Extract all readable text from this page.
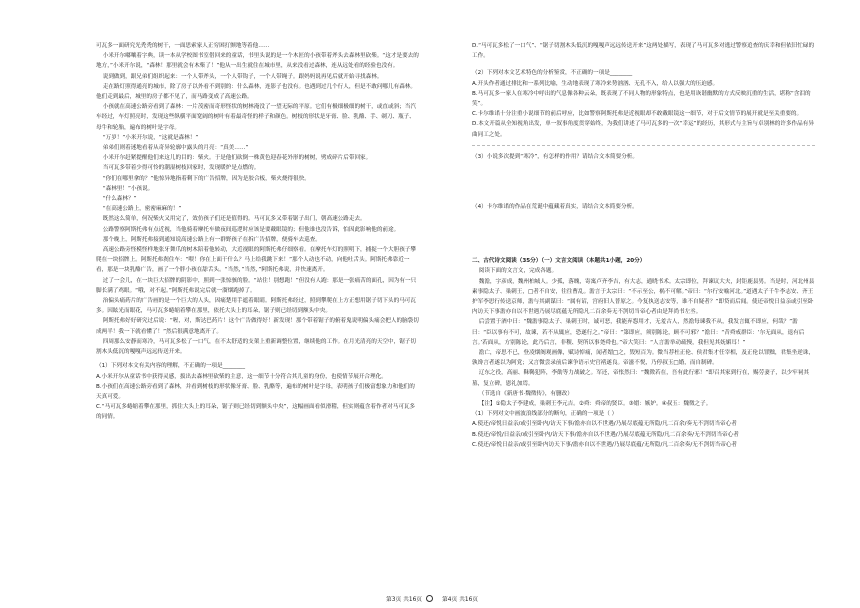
可瓦多一面研究光秃秃的树干，一面思索家人正穷困打颤地等着他……

小米开尔嘟嚷着字典，读一本从学校图书室借回来的童话，书里头说的是一个木匠的小孩带着斧头去森林里砍柴。“这才是要去的地方，”小米开尔说，“森林！那里就会有木柴了！”他从一出生就住在城市里，从来没看过森林，连从远处看的经验也没有。

说到做到，跟兄弟们组织起来：一个人带斧头，一个人带钩子，一个人带绳子。跟妈妈说再见后就开始寻找森林。

走在路灯照得通亮的城市，除了房子以外看不到别的：什么森林，连影子也没有。也遇到过几个行人，但是不敢问哪儿有森林。他们走到最后，城里的房子都不见了，而马路变成了高速公路。

小孩就在高速公路旁看到了森林：一片茂密而奇形怪状的树林淹没了一望无际的平原。它们有极细极细的树干，或直或斜；当汽车经过，车灯照亮时，发现这些纵横平面宽阔的树叶有着最奇怪的样子和颜色。树枝的形状是牙膏、脸、乳酪、手、剃刀、瓶子、母牛和轮胎，遍布的树叶是字母。

“万岁！”小米开尔说，“这就是森林！”

弟弟们则着迷地看着从奇异轮廓中露头的月亮：“真美……”

小米开尔赶紧提醒他们来这儿的目的：柴火。于是他们砍倒一株黄色迎春花外形的树树，劈成碎片后带回家。

当可瓦多带着少得可怜的潮湿树枝回家时，发现暖炉是点燃的。

“你们在哪里拿的？”他惊异地指着剩下的广告招牌，因为是胶合板，柴火烧得很快。

“森林里！”小孩说。

“什么森林？”

“在高速公路上，密密麻麻的！”

既然这么简单，何况柴火又用完了，效仿孩子们还是值得的。马可瓦多又带着锯子出门，朝高速公路走去。

公路警察阿斯托弗有点近视，当他骑着摩托车做夜间巡逻时应该是要戴眼镜的；但他谁也没告诉，怕因此影响他的前途。

那个晚上，阿斯托弗接到通知说高速公路上有一群野孩子在拆广告招牌，便骑车去巡查。

高速公路旁怪模怪样地张牙舞爪的树木陪着他转动，大近视眼的阿斯托弗仔细察看。在摩托车灯的照明下，捕捉一个大胆孩子攀爬在一块招牌上。阿斯托弗刹住车：“喂！你在上面干什么？马上给我跳下来！”那个人动也不动，向他吐舌头。阿斯托弗靠近一看，那是一块乳酪广告，画了一个胖小孩在舔舌头。“当然，”当然，”阿斯托弗说，并快速离开。

过了一会儿，在一块巨大招牌的阴影中，照到一张惊骇的脸。“站住！别想跑！”但没有人跑：那是一张痛苦的面孔，因为有一只脚长满了鸡眼。“哦，对不起。”阿斯托弗说完后就一溜烟跑掉了。

治偏头痛药片的广告画的是一个巨大的人头，因痛楚用手遮着眼睛。阿斯托弗经过，照到攀爬在上方正想用锯子切下头的马可瓦多。因眩光而眼花，马可瓦多蜷缩着攀在那里，依托大头上的耳朵，锯子则已经切到额头中央。

阿斯托弗好好研究过后说：“喔，对，斯达巴药片！这个广告做得好！新发现！那个带着锯子的俯着鬼说明偏头痛会把人的脑袋切成两半！我一下就看懂了！”然后很满意地离开了。

四周那么安静而寒冷，马可瓦多松了一口气，在不太舒适的支架上重新调整位置，继续他的工作。在月光清亮的天空中，锯子切割木头低沉的嘎嘎声远远传送开来。

（1）下列对本文有关内容的理解，不正确的一项是________

A.小米开尔从童话书中获得灵感，拔出去森林里砍柴的主意，这一细节十分符合其儿童的身份，也使情节展开合理化。

B.小孩们在高速公路旁看到了森林，并看到树枝的形状像牙膏、脸、乳酪等，遍布的树叶是字母，表明孩子们极富想象力和他们的天真可爱。

C.“马可瓦多蜷缩着攀在那里，抓住大头上的耳朵，锯子则已经切到额头中央”，这幅画面看似滑稽，但实则蕴含着作者对马可瓦多的同情。

D.“马可瓦多松了一口气”、“锯子切割木头低沉的嘎嘎声远远传送开来”这两处描写，表现了马可瓦多对逃过警察追查的庆幸和但依旧忙碌的工作。

（2）下列对本文艺术特色的分析鉴赏，不正确的一项是________

A.开头作者通过排比和一系列比喻，生动地表现了寒冷来势汹汹、无孔不入，给人以强大的压迫感。

B.马可瓦多一家人在寒冷中呼出的气息像各种云朵，既表现了不同人物的形象特点，也是用诙谐幽默的方式反映沉重的生活，堪称“含泪的笑”。

C.卡尔维诺十分注重小说细节的前后呼应，比如警察阿斯托弗是近视眼却不敢戴眼镜这一细节，对于后文情节的展开就是至关重要的。

D.本文开篇从全知视角出发，单一叙事角度贯穿始终，为我们讲述了马可瓦多的一次“幸运”的经历，其形式与主旨与卓别林的许多作品有异曲同工之处。

（3）小说多次提到“寒冷”，有怎样的作用？请结合文本简要分析。

（4）卡尔维诺的作品在荒诞中蕴藏着真实，请结合文本简要分析。

二、古代诗文阅读（35分）（一）文言文阅读（本题共1小题，20分）

阅读下面的文言文，完成各题。

魏澹，字彦成，魏州柏城人。少孤，落魄，寄寓卢齐李吉，有大志，通晓书术。太宗即位，拜谏议大夫，封钜鹿县男。当是时，河北州县素事隐太子、巢刺王，□者不自安，往往曹乱。澹言于太宗曰：“不示至公，祸不可解。”帝曰：“尔行安喻河北。”道遇太子千牛李志安、齐王护军李思行传送京师，澹与其副谋曰：“属有诏，宫府旧人普原之。今复执送志安等，谁不自疑者？”即贷而后闻。使还帝悦日益亲或引至卧内访天下事澹亦自以不世遇乃展尽底蕴无所隐凡二百余奏无不剀切当帝心者由是拜尚书左丞。

后尝置于酒中曰：“魏澹事隐太子、巢刺王时，诚可恶，我能弃怨用才，无羞古人，然澹每谏我不从，我发言辄不即应，何哉？”澹曰：“臣以事有不可，故谏，若不从辄应，恐遂行之。”帝曰：“第即应，须别陈论，顾不可邪？”澹曰：“昔舜戒群臣：‘尔无面从，退有后言。’若面从，方别陈论，此乃后言，非稷、契所以事尧舜也。”帝大笑曰：“人言澹举动疏慢，我但见其妩媚耳！”

澹亡，帝思不已，登凌烟阁观画像，赋诗悼痛，闻者媢□之，毁短百为。微当荐杜正伦、侯君集才任宰相，及正伦以罪黜，君集坐逆诛，孰谗言者遂以为阿党；又言微尝录前后谏争语示史官褚遂良。帝滋不悦，乃停叔玉□婚，而自制碑。

辽东之役，高丽、靺鞨犯阵，李勣等力战破之。军还，帝怅然曰：“魏徵若在，吾有此行邪！”即召其家到行在，赐劳妻子，以少牢祠其墓，复立碑，恩礼加焉。

（节选自《新唐书·魏徵传》，有删改）

【注】①隐太子李建成，巢刺王李元吉。②舜：舜帝的贤臣。③媢：嫉妒。④叔玉：魏徵之子。

（1）下列对文中画波浪线部分的断句，正确的一项是（ ）

A.使还/帝悦日益亲/或引至卧内/访天下事/澹亦自以不世遇/乃展尽底蕴无所隐/凡二百余/奏无不剀切当帝心者

B.使还/帝悦/日益亲/或引至卧内/访天下事/澹亦自以不世遇/乃展尽底蕴无所隐/凡二百余奏/无不剀切当帝心者

C.使还/帝悦日益亲/或引至卧内访天下事/澹亦自以不世遇/乃展尽底蕴/无所隐/凡二百余奏/无不剀切当帝心者

第3页 共16页	第4页 共16页
